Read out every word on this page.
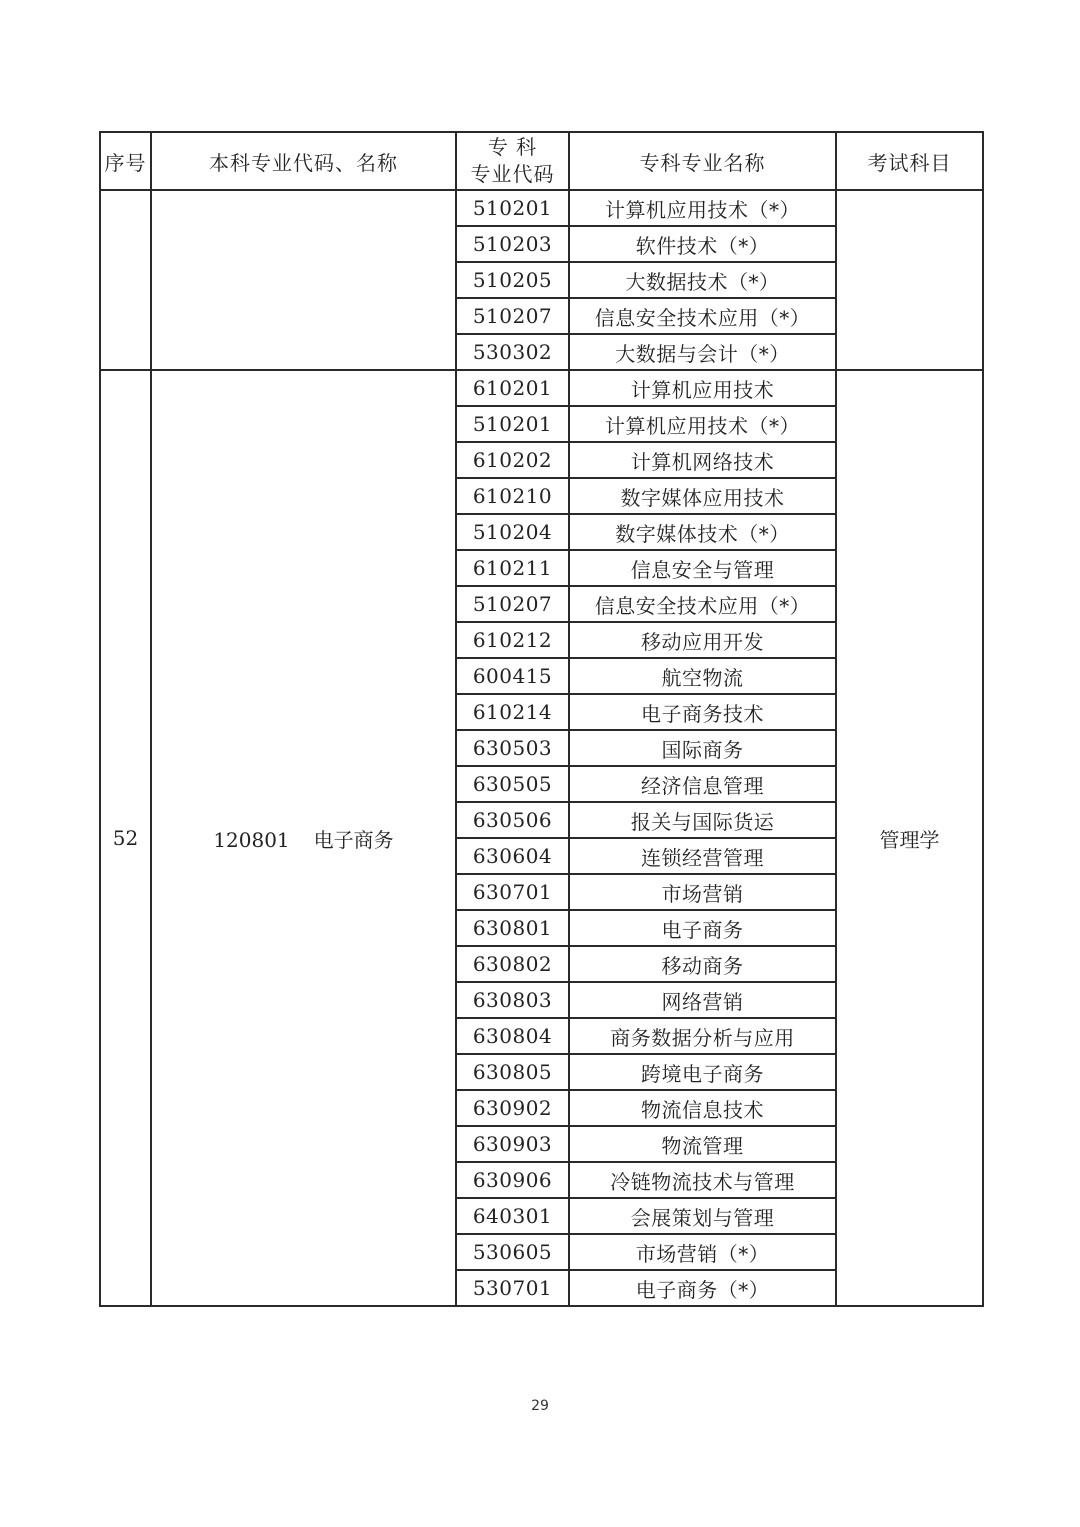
序号	本科专业代码、名称	专 科
专业代码	专科专业名称	考试科目
		510201	计算机应用技术（*）	
		510203	软件技术（*）	
		510205	大数据技术（*）	
		510207	信息安全技术应用（*）	
		530302	大数据与会计（*）	
52	120801 电子商务	610201	计算机应用技术	管理学
		510201	计算机应用技术（*）	
		610202	计算机网络技术	
		610210	数字媒体应用技术	
		510204	数字媒体技术（*）	
		610211	信息安全与管理	
		510207	信息安全技术应用（*）	
		610212	移动应用开发	
		600415	航空物流	
		610214	电子商务技术	
		630503	国际商务	
		630505	经济信息管理	
		630506	报关与国际货运	
		630604	连锁经营管理	
		630701	市场营销	
		630801	电子商务	
		630802	移动商务	
		630803	网络营销	
		630804	商务数据分析与应用	
		630805	跨境电子商务	
		630902	物流信息技术	
		630903	物流管理	
		630906	冷链物流技术与管理	
		640301	会展策划与管理	
		530605	市场营销（*）	
		530701	电子商务（*）	
29
